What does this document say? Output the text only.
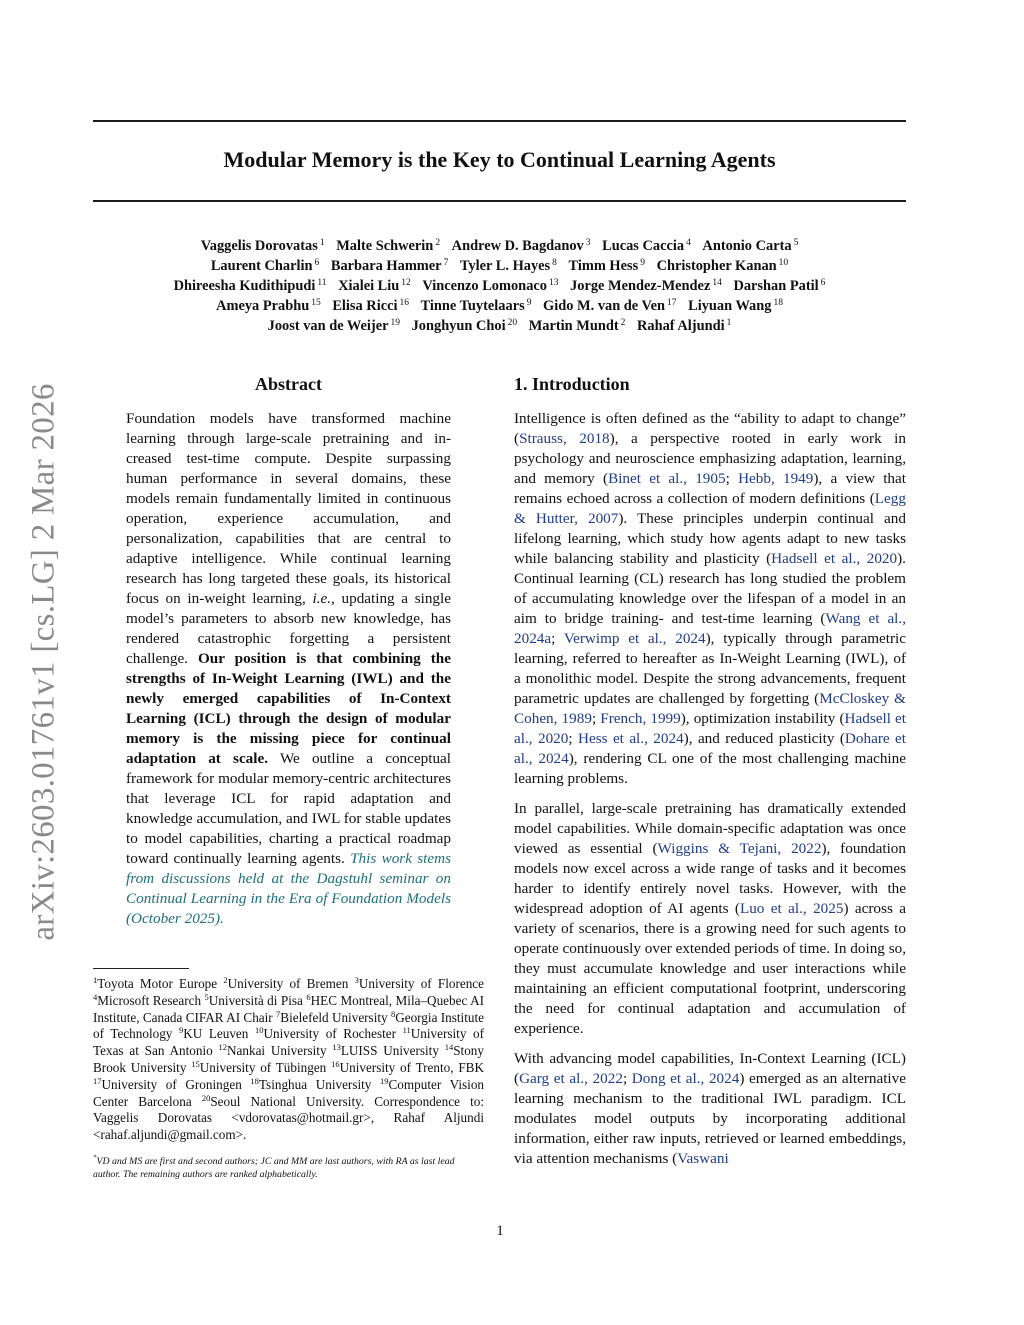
arXiv:2603.01761v1 [cs.LG] 2 Mar 2026
Modular Memory is the Key to Continual Learning Agents
Vaggelis Dorovatas $^1$ Malte Schwerin $^2$ Andrew D. Bagdanov $^3$ Lucas Caccia $^4$ Antonio Carta $^5$
Laurent Charlin $^6$ Barbara Hammer $^7$ Tyler L. Hayes $^8$ Timm Hess $^9$ Christopher Kanan $^{10}$
Dhireesha Kudithipudi $^{11}$ Xialei Liu $^{12}$ Vincenzo Lomonaco $^{13}$ Jorge Mendez-Mendez $^{14}$ Darshan Patil $^6$
Ameya Prabhu $^{15}$ Elisa Ricci $^{16}$ Tinne Tuytelaars $^9$ Gido M. van de Ven $^{17}$ Liyuan Wang $^{18}$
Joost van de Weijer $^{19}$ Jonghyun Choi $^{20}$ Martin Mundt $^2$ Rahaf Aljundi $^1$
Abstract
Foundation models have transformed machine learning through large-scale pretraining and increased test-time compute. Despite surpassing human performance in several domains, these models remain fundamentally limited in continuous operation, experience accumulation, and personalization, capabilities that are central to adaptive intelligence. While continual learning research has long targeted these goals, its historical focus on in-weight learning, i.e., updating a single model’s parameters to absorb new knowledge, has rendered catastrophic forgetting a persistent challenge. Our position is that combining the strengths of In-Weight Learning (IWL) and the newly emerged capabilities of In-Context Learning (ICL) through the design of modular memory is the missing piece for continual adaptation at scale. We outline a conceptual framework for modular memory-centric architectures that leverage ICL for rapid adaptation and knowledge accumulation, and IWL for stable updates to model capabilities, charting a practical roadmap toward continually learning agents. This work stems from discussions held at the Dagstuhl seminar on Continual Learning in the Era of Foundation Models (October 2025).
$^1$Toyota Motor Europe $^2$University of Bremen $^3$University of Florence $^4$Microsoft Research $^5$Università di Pisa $^6$HEC Montreal, Mila–Quebec AI Institute, Canada CIFAR AI Chair $^7$Bielefeld University $^8$Georgia Institute of Technology $^9$KU Leuven $^{10}$University of Rochester $^{11}$University of Texas at San Antonio $^{12}$Nankai University $^{13}$LUISS University $^{14}$Stony Brook University $^{15}$University of Tübingen $^{16}$University of Trento, FBK $^{17}$University of Groningen $^{18}$Tsinghua University $^{19}$Computer Vision Center Barcelona $^{20}$Seoul National University. Correspondence to: Vaggelis Dorovatas <vdorovatas@hotmail.gr>, Rahaf Aljundi <rahaf.aljundi@gmail.com>.
*VD and MS are first and second authors; JC and MM are last authors, with RA as last lead author. The remaining authors are ranked alphabetically.
1. Introduction

Intelligence is often defined as the “ability to adapt to change” (Strauss, 2018), a perspective rooted in early work in psychology and neuroscience emphasizing adaptation, learning, and memory (Binet et al., 1905; Hebb, 1949), a view that remains echoed across a collection of modern definitions (Legg & Hutter, 2007). These principles underpin continual and lifelong learning, which study how agents adapt to new tasks while balancing stability and plasticity (Hadsell et al., 2020). Continual learning (CL) research has long studied the problem of accumulating knowledge over the lifespan of a model in an aim to bridge training- and test-time learning (Wang et al., 2024a; Verwimp et al., 2024), typically through parametric learning, referred to hereafter as In-Weight Learning (IWL), of a monolithic model. Despite the strong advancements, frequent parametric updates are challenged by forgetting (McCloskey & Cohen, 1989; French, 1999), optimization instability (Hadsell et al., 2020; Hess et al., 2024), and reduced plasticity (Dohare et al., 2024), rendering CL one of the most challenging machine learning problems.

In parallel, large-scale pretraining has dramatically extended model capabilities. While domain-specific adaptation was once viewed as essential (Wiggins & Tejani, 2022), foundation models now excel across a wide range of tasks and it becomes harder to identify entirely novel tasks. However, with the widespread adoption of AI agents (Luo et al., 2025) across a variety of scenarios, there is a growing need for such agents to operate continuously over extended periods of time. In doing so, they must accumulate knowledge and user interactions while maintaining an efficient computational footprint, underscoring the need for continual adaptation and accumulation of experience.

With advancing model capabilities, In-Context Learning (ICL) (Garg et al., 2022; Dong et al., 2024) emerged as an alternative learning mechanism to the traditional IWL paradigm. ICL modulates model outputs by incorporating additional information, either raw inputs, retrieved or learned embeddings, via attention mechanisms (Vaswani

1
